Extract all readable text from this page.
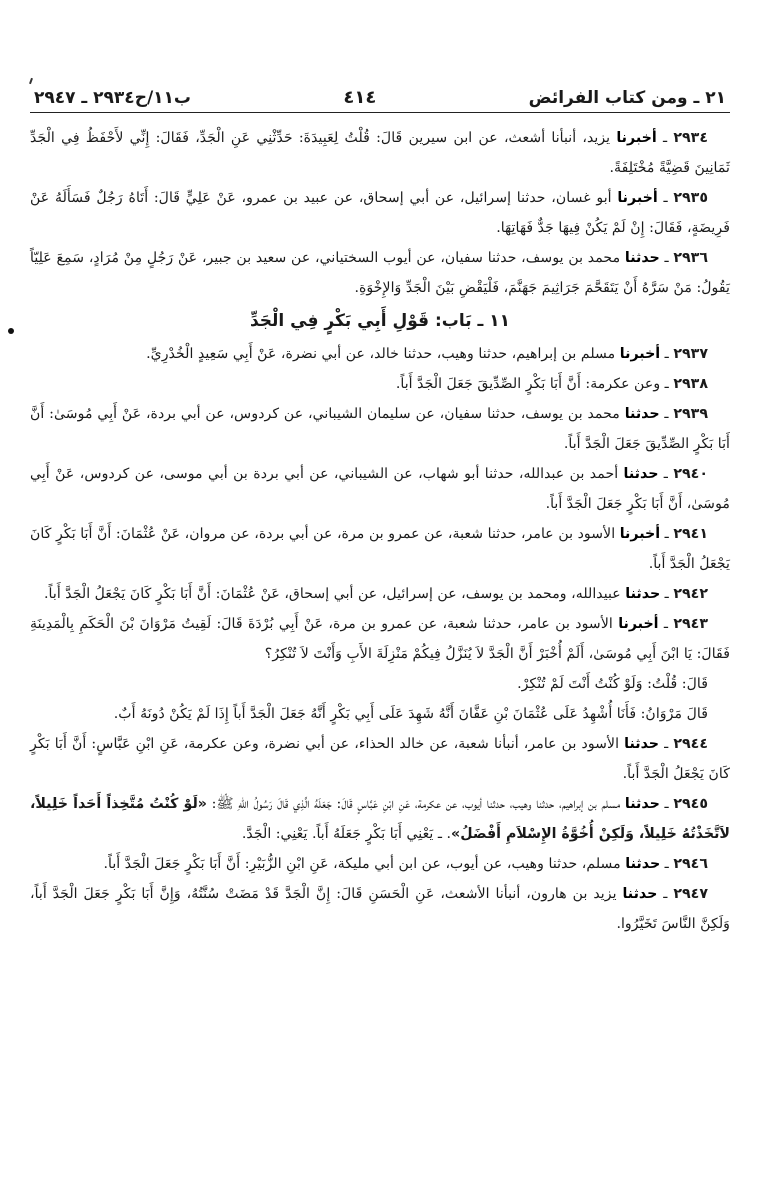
٢١ ـ ومن كتاب الفرائض
٤١٤
ب١١/ح٢٩٣٤ ـ ٢٩٤٧

٢٩٣٤ ـ أخبرنا يزيد، أنبأنا أشعث، عن ابن سيرين قَالَ: قُلْتُ لِعَبِيدَةَ: حَدِّثْنِي عَنِ الْجَدِّ، فَقَالَ: إِنِّي لأَحْفَظُ فِي الْجَدِّ ثَمَانِينَ قَضِيَّةً مُخْتَلِفَةً.

٢٩٣٥ ـ أخبرنا أبو غسان، حدثنا إسرائيل، عن أبي إسحاق، عن عبيد بن عمرو، عَنْ عَلِيٍّ قَالَ: أَتَاهُ رَجُلٌ فَسَأَلَهُ عَنْ فَرِيضَةٍ، فَقَالَ: إِنْ لَمْ يَكُنْ فِيهَا جَدٌّ فَهَاتِهَا.

٢٩٣٦ ـ حدثنا محمد بن يوسف، حدثنا سفيان، عن أيوب السختياني، عن سعيد بن جبير، عَنْ رَجُلٍ مِنْ مُرَادٍ، سَمِعَ عَلِيّاً يَقُولُ: مَنْ سَرَّهُ أَنْ يَتَقَحَّمَ جَرَاثِيمَ جَهَنَّمَ، فَلْيَقْضِ بَيْنَ الْجَدِّ وَالإِخْوَةِ.

١١ ـ بَاب: قَوْلِ أَبِي بَكْرٍ فِي الْجَدِّ

٢٩٣٧ ـ أخبرنا مسلم بن إبراهيم، حدثنا وهيب، حدثنا خالد، عن أبي نضرة، عَنْ أَبِي سَعِيدٍ الْخُدْرِيِّ.

٢٩٣٨ ـ وعن عكرمة: أَنَّ أَبَا بَكْرٍ الصِّدِّيقَ جَعَلَ الْجَدَّ أَباً.

٢٩٣٩ ـ حدثنا محمد بن يوسف، حدثنا سفيان، عن سليمان الشيباني، عن كردوس، عن أبي بردة، عَنْ أَبِي مُوسَىٰ: أَنَّ أَبَا بَكْرٍ الصِّدِّيقَ جَعَلَ الْجَدَّ أَباً.

٢٩٤٠ ـ حدثنا أحمد بن عبدالله، حدثنا أبو شهاب، عن الشيباني، عن أبي بردة بن أبي موسى، عن كردوس، عَنْ أَبِي مُوسَىٰ، أَنَّ أَبَا بَكْرٍ جَعَلَ الْجَدَّ أَباً.

٢٩٤١ ـ أخبرنا الأسود بن عامر، حدثنا شعبة، عن عمرو بن مرة، عن أبي بردة، عن مروان، عَنْ عُثْمَانَ: أَنَّ أَبَا بَكْرٍ كَانَ يَجْعَلُ الْجَدَّ أَباً.

٢٩٤٢ ـ حدثنا عبيدالله، ومحمد بن يوسف، عن إسرائيل، عن أبي إسحاق، عَنْ عُثْمَانَ: أَنَّ أَبَا بَكْرٍ كَانَ يَجْعَلُ الْجَدَّ أَباً.

٢٩٤٣ ـ أخبرنا الأسود بن عامر، حدثنا شعبة، عن عمرو بن مرة، عَنْ أَبِي بُرْدَةَ قَالَ: لَقِيتُ مَرْوَانَ بْنَ الْحَكَمِ بِالْمَدِينَةِ فَقَالَ: يَا ابْنَ أَبِي مُوسَىٰ، أَلَمْ أُخْبَرْ أَنَّ الْجَدَّ لاَ يُنَزَّلُ فِيكُمْ مَنْزِلَةَ الأَبِ وَأَنْتَ لاَ تُنْكِرُ؟

قَالَ: قُلْتُ: وَلَوْ كُنْتُ أَنْتَ لَمْ تُنْكِرْ.

قَالَ مَرْوَانُ: فَأَنَا أُشْهِدُ عَلَى عُثْمَانَ بْنِ عَفَّانَ أَنَّهُ شَهِدَ عَلَى أَبِي بَكْرٍ أَنَّهُ جَعَلَ الْجَدَّ أَباً إِذَا لَمْ يَكُنْ دُونَهُ أَبٌ.

٢٩٤٤ ـ حدثنا الأسود بن عامر، أنبأنا شعبة، عن خالد الحذاء، عن أبي نضرة، وعن عكرمة، عَنِ ابْنِ عَبَّاسٍ: أَنَّ أَبَا بَكْرٍ كَانَ يَجْعَلُ الْجَدَّ أَباً.

٢٩٤٥ ـ حدثنا مسلم بن إبراهيم، حدثنا وهيب، حدثنا أيوب، عن عكرمة، عَنِ ابْنِ عَبَّاسٍ قَالَ: جَعَلَهُ الَّذِي قَالَ رَسُولُ اللهِ ﷺ: «لَوْ كُنْتُ مُتَّخِذاً أَحَداً خَلِيلاً، لاَتَّخَذْتُهُ خَلِيلاً، وَلَكِنْ أُخُوَّةُ الإِسْلاَمِ أَفْضَلُ». ـ يَعْنِي أَبَا بَكْرٍ جَعَلَهُ أَباً. يَعْنِي: الْجَدَّ.

٢٩٤٦ ـ حدثنا مسلم، حدثنا وهيب، عن أيوب، عن ابن أبي مليكة، عَنِ ابْنِ الزُّبَيْرِ: أَنَّ أَبَا بَكْرٍ جَعَلَ الْجَدَّ أَباً.

٢٩٤٧ ـ حدثنا يزيد بن هارون، أنبأنا الأشعث، عَنِ الْحَسَنِ قَالَ: إِنَّ الْجَدَّ قَدْ مَضَتْ سُنَّتُهُ، وَإِنَّ أَبَا بَكْرٍ جَعَلَ الْجَدَّ أَباً، وَلَكِنَّ النَّاسَ تَخَيَّرُوا.
